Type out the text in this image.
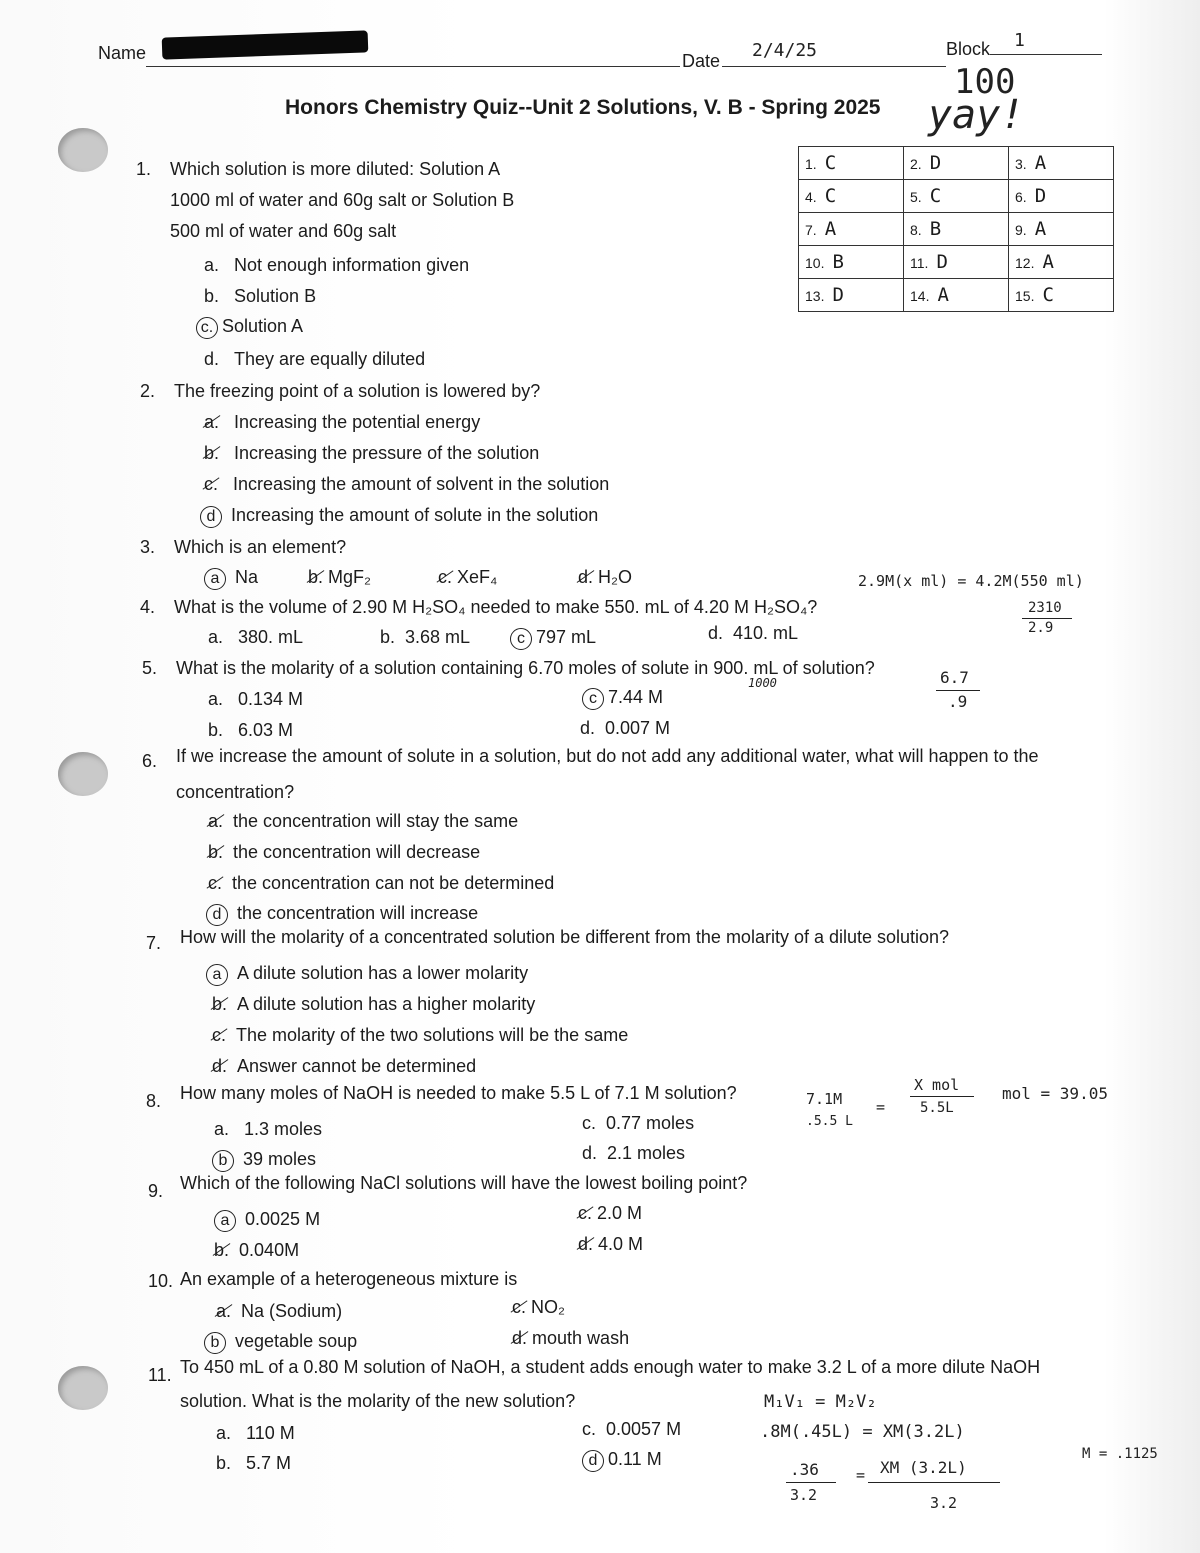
Name	Date 2/4/25	Block 1
100
yay!
Honors Chemistry Quiz--Unit 2 Solutions, V. B - Spring 2025
1. C	2. D	3. A
4. C	5. C	6. D
7. A	8. B	9. A
10. B	11. D	12. A
13. D	14. A	15. C
1. Which solution is more diluted: Solution A
1000 ml of water and 60g salt or Solution B
500 ml of water and 60g salt
a.   Not enough information given
b.   Solution B
c. Solution A
d.   They are equally diluted
2. The freezing point of a solution is lowered by?
a. Increasing the potential energy
b. Increasing the pressure of the solution
c. Increasing the amount of solvent in the solution
d Increasing the amount of solute in the solution
3. Which is an element?
a Na	b. MgF₂	c. XeF₄	d. H₂O
4. What is the volume of 2.90 M H₂SO₄ needed to make 550. mL of 4.20 M H₂SO₄?
a.   380. mL	b.  3.68 mL	c 797 mL	d.  410. mL
2.9M(x ml) = 4.2M(550 ml)
2310
2.9
5. What is the molarity of a solution containing 6.70 moles of solute in 900. mL of solution?
1000
a.   0.134 M	c 7.44 M
b.   6.03 M	d.  0.007 M
6.7
.9
6. If we increase the amount of solute in a solution, but do not add any additional water, what will happen to the
concentration?
a. the concentration will stay the same
b. the concentration will decrease
c. the concentration can not be determined
d the concentration will increase
7. How will the molarity of a concentrated solution be different from the molarity of a dilute solution?
a A dilute solution has a lower molarity
b. A dilute solution has a higher molarity
c. The molarity of the two solutions will be the same
d. Answer cannot be determined
8. How many moles of NaOH is needed to make 5.5 L of 7.1 M solution?
a.   1.3 moles	c.  0.77 moles
b 39 moles	d.  2.1 moles
7.1M
.5.5 L
=
X mol
5.5L
mol = 39.05
9. Which of the following NaCl solutions will have the lowest boiling point?
a 0.0025 M	c. 2.0 M
b. 0.040M	d. 4.0 M
10. An example of a heterogeneous mixture is
a. Na (Sodium)	c. NO₂
b vegetable soup	d. mouth wash
11. To 450 mL of a 0.80 M solution of NaOH, a student adds enough water to make 3.2 L of a more dilute NaOH
solution. What is the molarity of the new solution?
a.   110 M	c.  0.0057 M
b.   5.7 M	d 0.11 M
M₁V₁ = M₂V₂
.8M(.45L) = XM(3.2L)
.36
3.2
= XM (3.2L)
3.2
M = .1125
